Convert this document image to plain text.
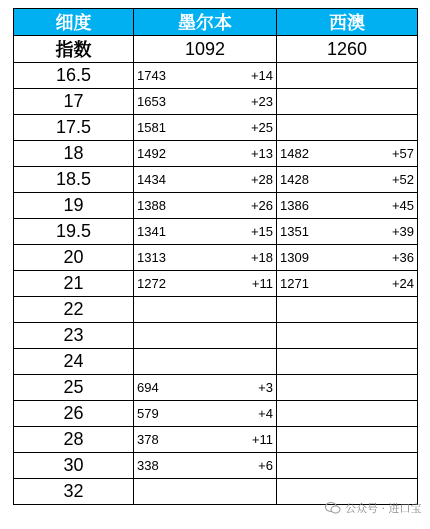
细度	墨尔本	西澳
指数	1092	1260
16.5	1743 +14	

17	1653 +23	

17.5	1581 +25	

18	1492 +13	1482 +57

18.5	1434 +28	1428 +52

19	1388 +26	1386 +45

19.5	1341 +15	1351 +39

20	1313 +18	1309 +36

21	1272 +11	1271 +24

22	

23	

24	

25	694 +3	

26	579 +4	

28	378 +11	

30	338 +6	

32	

公众号 · 进口宝
